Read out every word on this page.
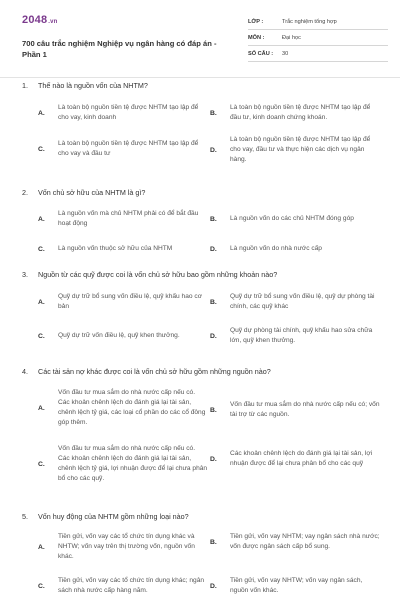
2048.vn
700 câu trắc nghiệm Nghiệp vụ ngân hàng có đáp án - Phần 1
LỚP :	Trắc nghiệm tổng hợp
MÔN :	Đại học
SỐ CÂU :	30
1. Thế nào là nguồn vốn của NHTM?
A.
Là toàn bộ nguồn tiền tệ được NHTM tạo lập để cho vay, kinh doanh
B.
Là toàn bộ nguồn tiền tệ được NHTM tạo lập để đầu tư, kinh doanh chứng khoán.
C.
Là toàn bộ nguồn tiền tệ được NHTM tạo lập để cho vay và đầu tư	D.
Là toàn bộ nguồn tiền tệ được NHTM tạo lập để cho vay, đầu tư và thực hiện các dịch vụ ngân hàng.
2. Vốn chủ sở hữu của NHTM là gì?
A.
Là nguồn vốn mà chủ NHTM phải có để bắt đầu hoạt động
B.	Là nguồn vốn do các chủ NHTM đóng góp
C.	Là nguồn vốn thuộc sở hữu của NHTM	D.	Là nguồn vốn do nhà nước cấp
3. Nguồn từ các quỹ được coi là vốn chủ sở hữu bao gồm những khoản nào?
A.
Quỹ dự trữ bổ sung vốn điều lệ, quỹ khấu hao cơ bản
B.
Quỹ dự trữ bổ sung vốn điều lệ, quỹ dự phòng tài chính, các quỹ khác
C.	Quỹ dự trữ vốn điều lệ, quỹ khen thưởng.	D.
Quỹ dự phòng tài chính, quỹ khấu hao sửa chữa lớn, quỹ khen thưởng.
4. Các tài sản nợ khác được coi là vốn chủ sở hữu gồm những nguồn nào?
A.
Vốn đầu tư mua sắm do nhà nước cấp nếu có. Các khoản chênh lệch do đánh giá lại tài sản, chênh lệch tỷ giá, các loại cổ phần do các cổ đông góp thêm.
B.
Vốn đầu tư mua sắm do nhà nước cấp nếu có; vốn tài trợ từ các nguồn.
C.
Vốn đầu tư mua sắm do nhà nước cấp nếu có. Các khoản chênh lệch do đánh giá lại tài sản, chênh lệch tỷ giá, lợi nhuận được để lại chưa phân bổ cho các quỹ.
D.
Các khoản chênh lệch do đánh giá lại tài sản, lợi nhuận được để lại chưa phân bổ cho các quỹ
5. Vốn huy động của NHTM gồm những loại nào?
A.
Tiền gửi, vốn vay các tổ chức tín dụng khác và NHTW; vốn vay trên thị trường vốn, nguồn vốn khác.
B.
Tiền gửi, vốn vay NHTM; vay ngân sách nhà nước; vốn được ngân sách cấp bổ sung.
C.
Tiền gửi, vốn vay các tổ chức tín dụng khác; ngân sách nhà nước cấp hàng năm.
D.
Tiền gửi, vốn vay NHTW; vốn vay ngân sách, nguồn vốn khác.
